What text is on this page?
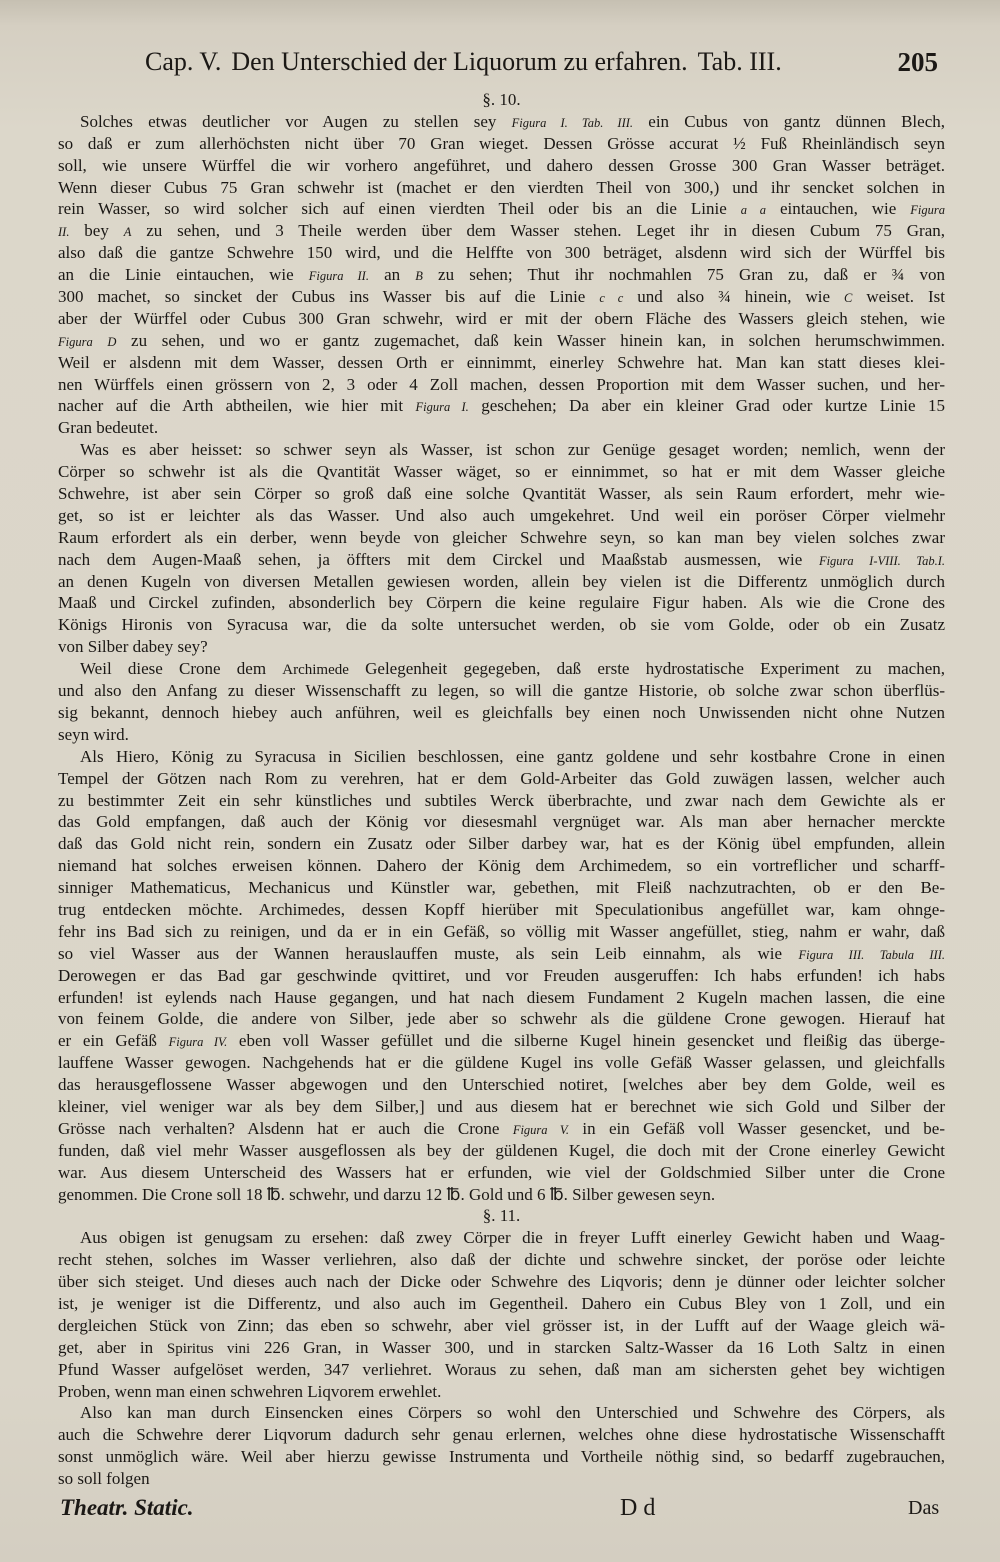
Cap. V. Den Unterschied der Liquorum zu erfahren. Tab. III.	205
§. 10.
Solches etwas deutlicher vor Augen zu stellen sey Figura I. Tab. III. ein Cubus von gantz dünnen Blech,
so daß er zum allerhöchsten nicht über 70 Gran wieget. Dessen Grösse accurat ½ Fuß Rheinländisch seyn
soll, wie unsere Würffel die wir vorhero angeführet, und dahero dessen Grosse 300 Gran Wasser beträget.
Wenn dieser Cubus 75 Gran schwehr ist (machet er den vierdten Theil von 300,) und ihr sencket solchen in
rein Wasser, so wird solcher sich auf einen vierdten Theil oder bis an die Linie a a eintauchen, wie Figura
II. bey A zu sehen, und 3 Theile werden über dem Wasser stehen. Leget ihr in diesen Cubum 75 Gran,
also daß die gantze Schwehre 150 wird, und die Helffte von 300 beträget, alsdenn wird sich der Würffel bis
an die Linie eintauchen, wie Figura II. an B zu sehen; Thut ihr nochmahlen 75 Gran zu, daß er ¾ von
300 machet, so sincket der Cubus ins Wasser bis auf die Linie c c und also ¾ hinein, wie C weiset. Ist
aber der Würffel oder Cubus 300 Gran schwehr, wird er mit der obern Fläche des Wassers gleich stehen, wie
Figura D zu sehen, und wo er gantz zugemachet, daß kein Wasser hinein kan, in solchen herumschwimmen.
Weil er alsdenn mit dem Wasser, dessen Orth er einnimmt, einerley Schwehre hat. Man kan statt dieses klei-
nen Würffels einen grössern von 2, 3 oder 4 Zoll machen, dessen Proportion mit dem Wasser suchen, und her-
nacher auf die Arth abtheilen, wie hier mit Figura I. geschehen; Da aber ein kleiner Grad oder kurtze Linie 15
Gran bedeutet.
Was es aber heisset: so schwer seyn als Wasser, ist schon zur Genüge gesaget worden; nemlich, wenn der
Cörper so schwehr ist als die Qvantität Wasser wäget, so er einnimmet, so hat er mit dem Wasser gleiche
Schwehre, ist aber sein Cörper so groß daß eine solche Qvantität Wasser, als sein Raum erfordert, mehr wie-
get, so ist er leichter als das Wasser. Und also auch umgekehret. Und weil ein poröser Cörper vielmehr
Raum erfordert als ein derber, wenn beyde von gleicher Schwehre seyn, so kan man bey vielen solches zwar
nach dem Augen-Maaß sehen, ja öffters mit dem Circkel und Maaßstab ausmessen, wie Figura I-VIII. Tab.I.
an denen Kugeln von diversen Metallen gewiesen worden, allein bey vielen ist die Differentz unmöglich durch
Maaß und Circkel zufinden, absonderlich bey Cörpern die keine regulaire Figur haben. Als wie die Crone des
Königs Hironis von Syracusa war, die da solte untersuchet werden, ob sie vom Golde, oder ob ein Zusatz
von Silber dabey sey?
Weil diese Crone dem Archimede Gelegenheit gegegeben, daß erste hydrostatische Experiment zu machen,
und also den Anfang zu dieser Wissenschafft zu legen, so will die gantze Historie, ob solche zwar schon überflüs-
sig bekannt, dennoch hiebey auch anführen, weil es gleichfalls bey einen noch Unwissenden nicht ohne Nutzen
seyn wird.
Als Hiero, König zu Syracusa in Sicilien beschlossen, eine gantz goldene und sehr kostbahre Crone in einen
Tempel der Götzen nach Rom zu verehren, hat er dem Gold-Arbeiter das Gold zuwägen lassen, welcher auch
zu bestimmter Zeit ein sehr künstliches und subtiles Werck überbrachte, und zwar nach dem Gewichte als er
das Gold empfangen, daß auch der König vor diesesmahl vergnüget war. Als man aber hernacher merckte
daß das Gold nicht rein, sondern ein Zusatz oder Silber darbey war, hat es der König übel empfunden, allein
niemand hat solches erweisen können. Dahero der König dem Archimedem, so ein vortreflicher und scharff-
sinniger Mathematicus, Mechanicus und Künstler war, gebethen, mit Fleiß nachzutrachten, ob er den Be-
trug entdecken möchte. Archimedes, dessen Kopff hierüber mit Speculationibus angefüllet war, kam ohnge-
fehr ins Bad sich zu reinigen, und da er in ein Gefäß, so völlig mit Wasser angefüllet, stieg, nahm er wahr, daß
so viel Wasser aus der Wannen herauslauffen muste, als sein Leib einnahm, als wie Figura III. Tabula III.
Derowegen er das Bad gar geschwinde qvittiret, und vor Freuden ausgeruffen: Ich habs erfunden! ich habs
erfunden! ist eylends nach Hause gegangen, und hat nach diesem Fundament 2 Kugeln machen lassen, die eine
von feinem Golde, die andere von Silber, jede aber so schwehr als die güldene Crone gewogen. Hierauf hat
er ein Gefäß Figura IV. eben voll Wasser gefüllet und die silberne Kugel hinein gesencket und fleißig das überge-
lauffene Wasser gewogen. Nachgehends hat er die güldene Kugel ins volle Gefäß Wasser gelassen, und gleichfalls
das herausgeflossene Wasser abgewogen und den Unterschied notiret, [welches aber bey dem Golde, weil es
kleiner, viel weniger war als bey dem Silber,] und aus diesem hat er berechnet wie sich Gold und Silber der
Grösse nach verhalten? Alsdenn hat er auch die Crone Figura V. in ein Gefäß voll Wasser gesencket, und be-
funden, daß viel mehr Wasser ausgeflossen als bey der güldenen Kugel, die doch mit der Crone einerley Gewicht
war. Aus diesem Unterscheid des Wassers hat er erfunden, wie viel der Goldschmied Silber unter die Crone
genommen. Die Crone soll 18 ℔. schwehr, und darzu 12 ℔. Gold und 6 ℔. Silber gewesen seyn.
§. 11.
Aus obigen ist genugsam zu ersehen: daß zwey Cörper die in freyer Lufft einerley Gewicht haben und Waag-
recht stehen, solches im Wasser verliehren, also daß der dichte und schwehre sincket, der poröse oder leichte
über sich steiget. Und dieses auch nach der Dicke oder Schwehre des Liqvoris; denn je dünner oder leichter solcher
ist, je weniger ist die Differentz, und also auch im Gegentheil. Dahero ein Cubus Bley von 1 Zoll, und ein
dergleichen Stück von Zinn; das eben so schwehr, aber viel grösser ist, in der Lufft auf der Waage gleich wä-
get, aber in Spiritus vini 226 Gran, in Wasser 300, und in starcken Saltz-Wasser da 16 Loth Saltz in einen
Pfund Wasser aufgelöset werden, 347 verliehret. Woraus zu sehen, daß man am sichersten gehet bey wichtigen
Proben, wenn man einen schwehren Liqvorem erwehlet.
Also kan man durch Einsencken eines Cörpers so wohl den Unterschied und Schwehre des Cörpers, als
auch die Schwehre derer Liqvorum dadurch sehr genau erlernen, welches ohne diese hydrostatische Wissenschafft
sonst unmöglich wäre. Weil aber hierzu gewisse Instrumenta und Vortheile nöthig sind, so bedarff zugebrauchen,
so soll folgen
Theatr. Static.	D d	Das
